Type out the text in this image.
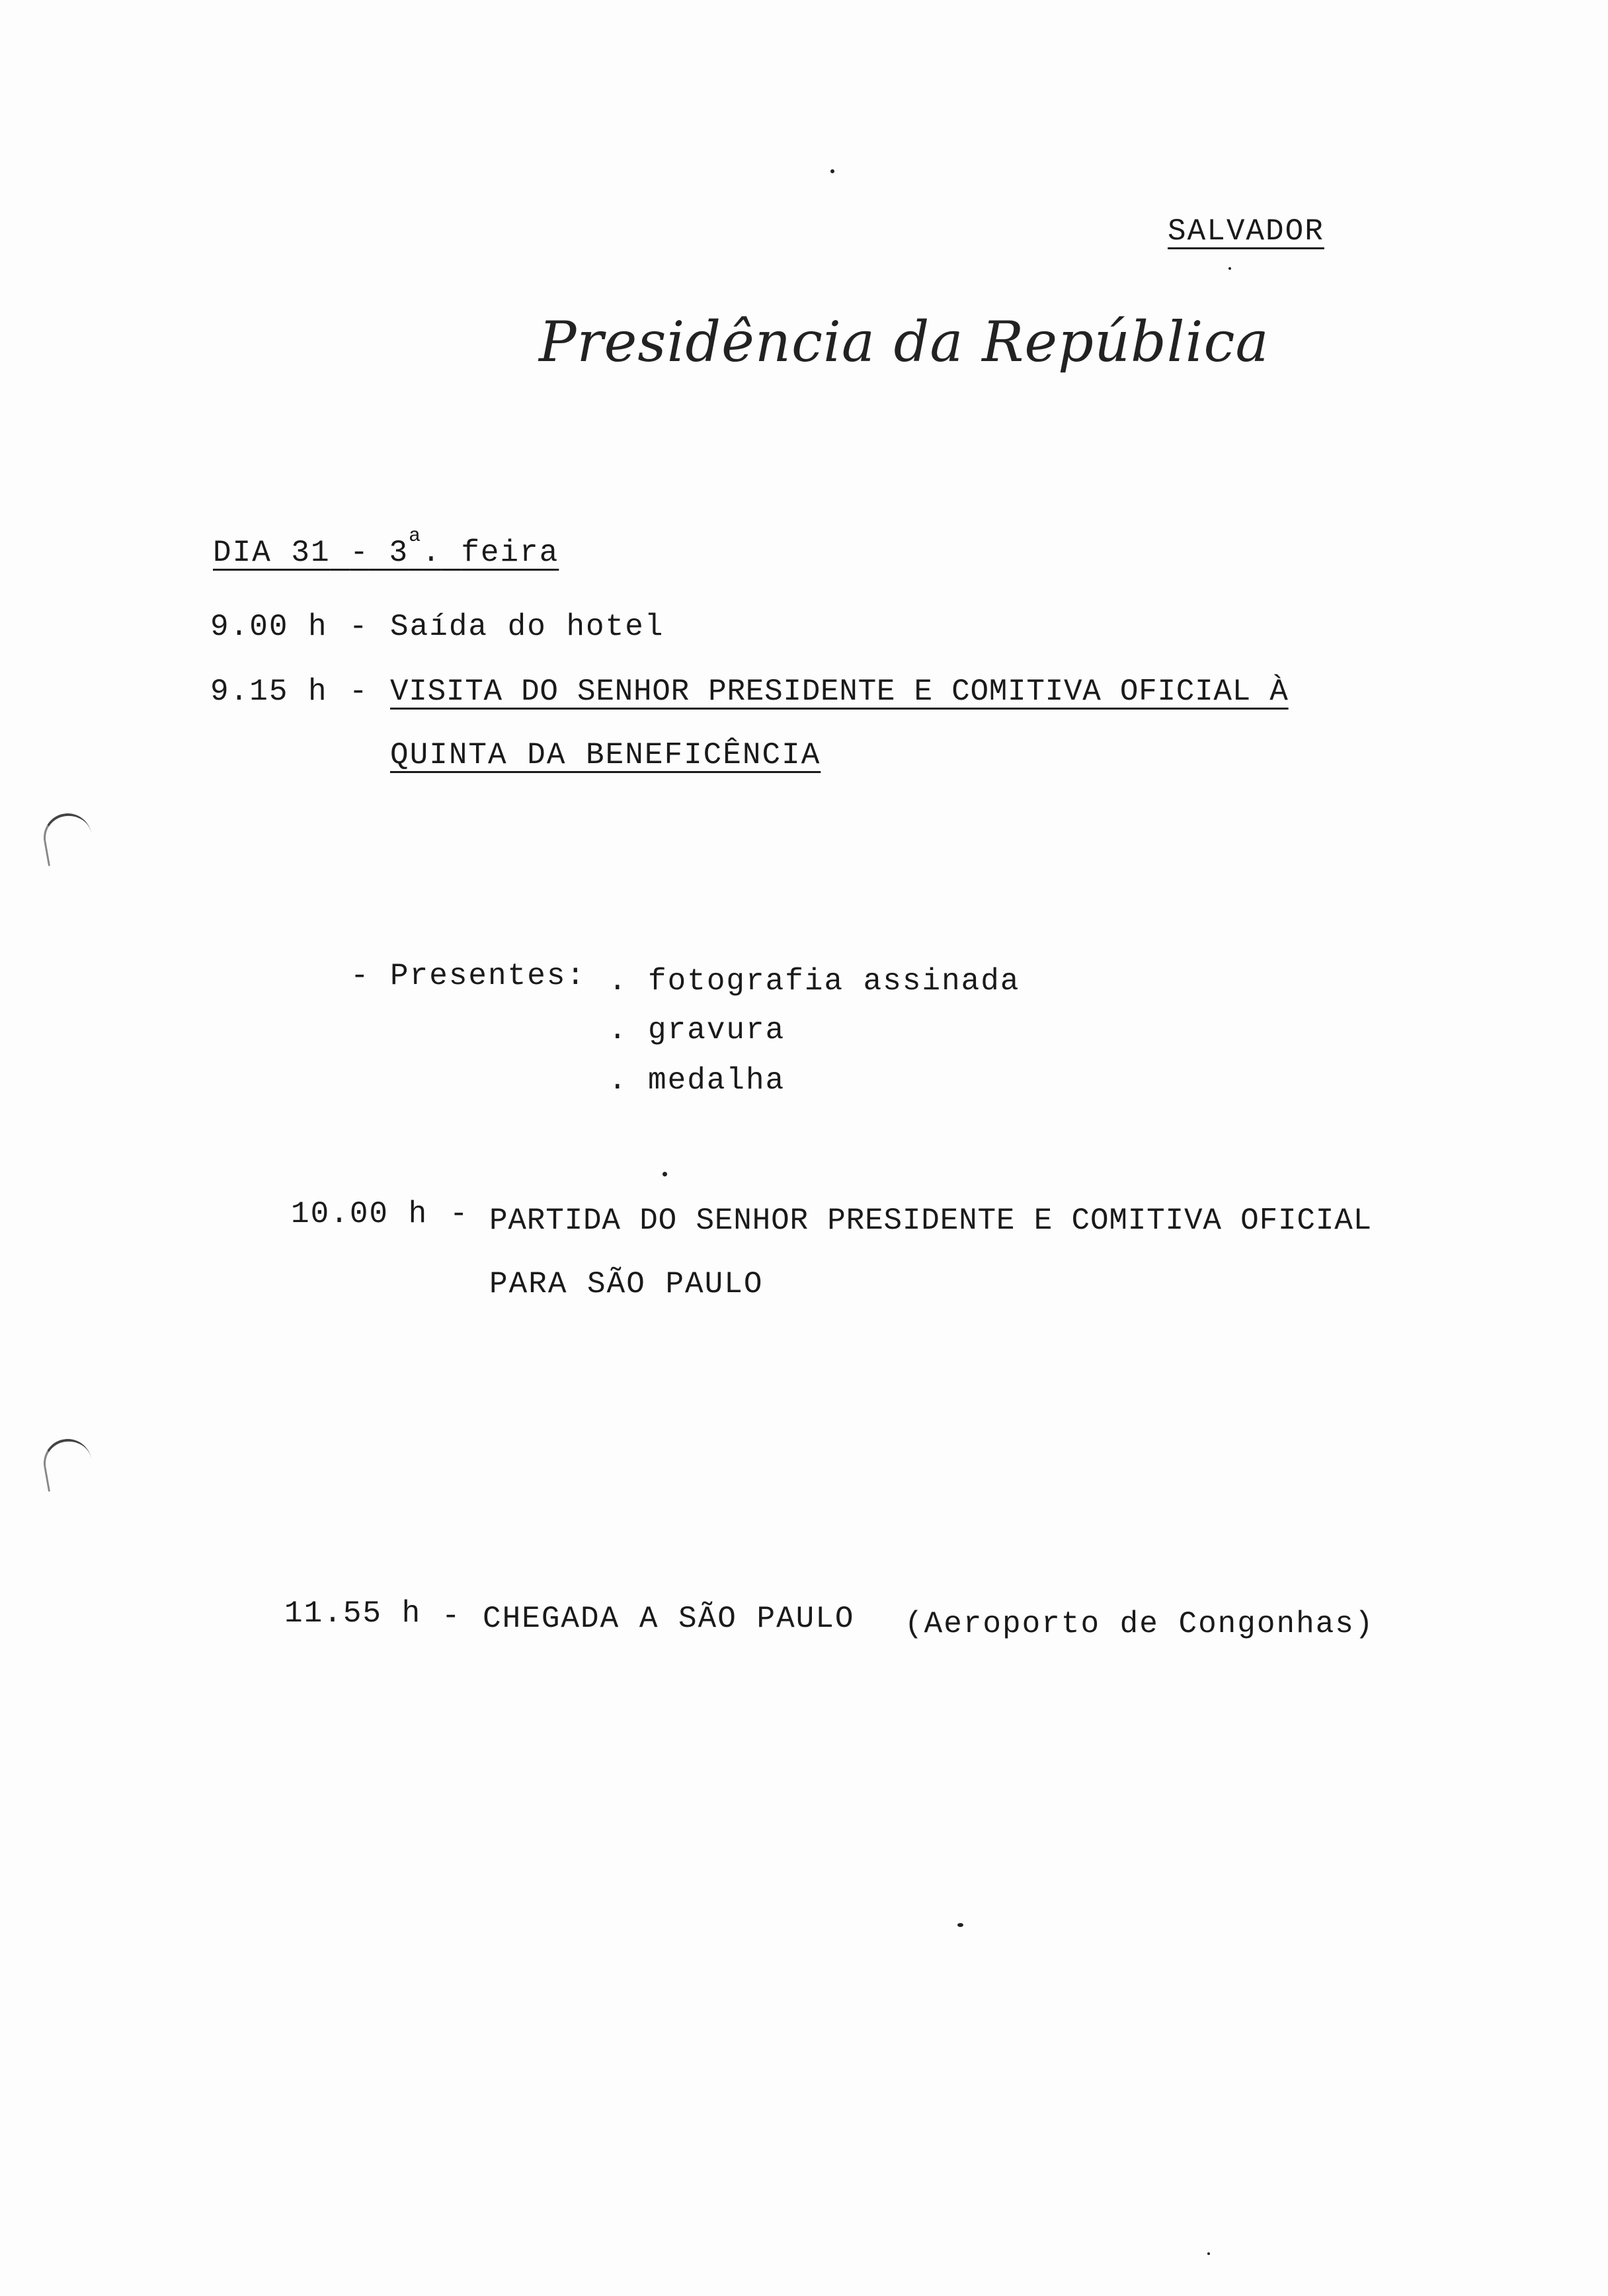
SALVADOR
Presidência da República
DIA 31 - 3$^a$. feira
9.00 h - Saída do hotel
9.15 h - VISITA DO SENHOR PRESIDENTE E COMITIVA OFICIAL À
QUINTA DA BENEFICÊNCIA
- Presentes: . fotografia assinada
. gravura
. medalha
10.00 h - PARTIDA DO SENHOR PRESIDENTE E COMITIVA OFICIAL
PARA SÃO PAULO
11.55 h - CHEGADA A SÃO PAULO (Aeroporto de Congonhas)
